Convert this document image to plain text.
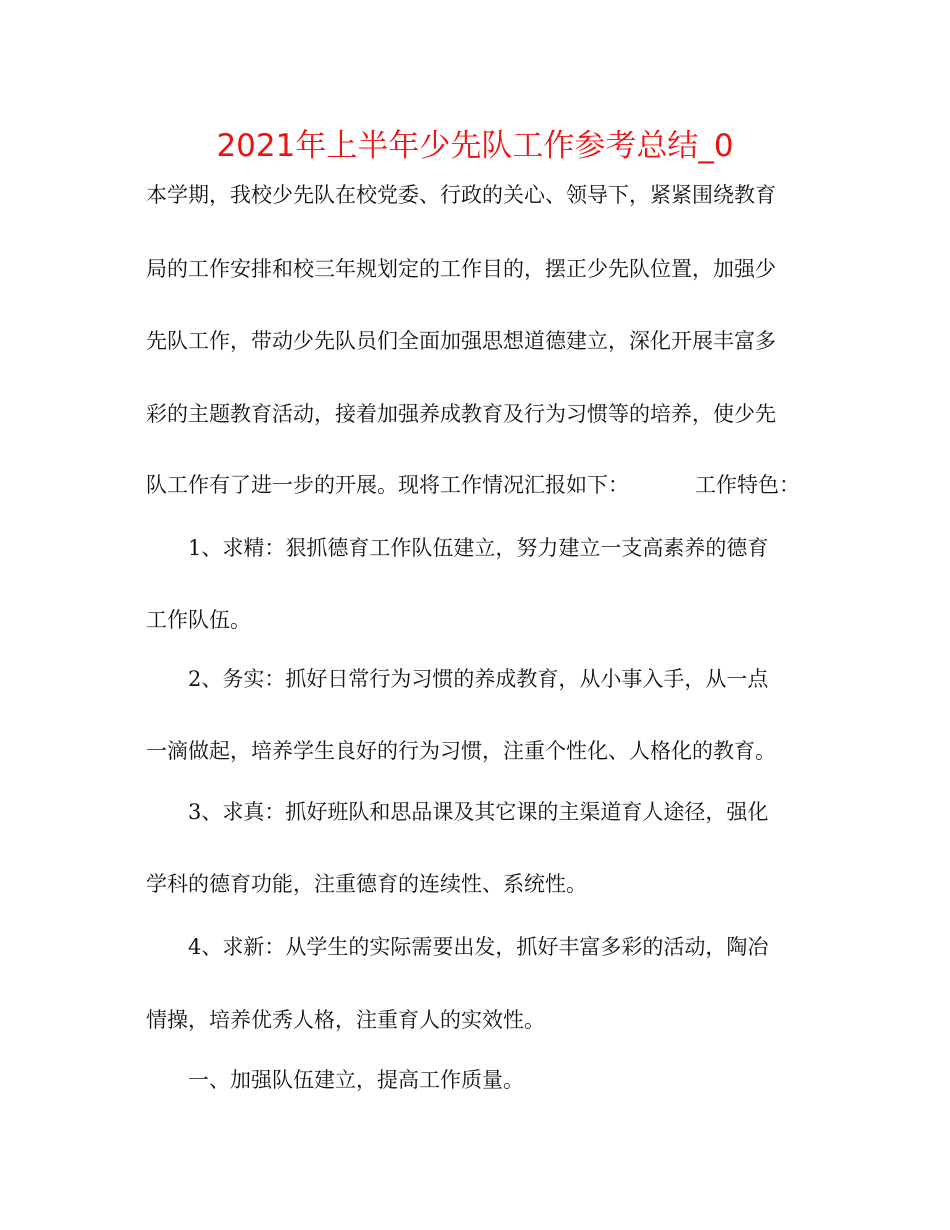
2021年上半年少先队工作参考总结_0
本学期，我校少先队在校党委、行政的关心、领导下，紧紧围绕教育
局的工作安排和校三年规划定的工作目的，摆正少先队位置，加强少
先队工作，带动少先队员们全面加强思想道德建立，深化开展丰富多
彩的主题教育活动，接着加强养成教育及行为习惯等的培养，使少先
队工作有了进一步的开展。现将工作情况汇报如下：	工作特色：
1、求精：狠抓德育工作队伍建立，努力建立一支高素养的德育
工作队伍。
2、务实：抓好日常行为习惯的养成教育，从小事入手，从一点
一滴做起，培养学生良好的行为习惯，注重个性化、人格化的教育。
3、求真：抓好班队和思品课及其它课的主渠道育人途径，强化
学科的德育功能，注重德育的连续性、系统性。
4、求新：从学生的实际需要出发，抓好丰富多彩的活动，陶冶
情操，培养优秀人格，注重育人的实效性。
一、加强队伍建立，提高工作质量。
